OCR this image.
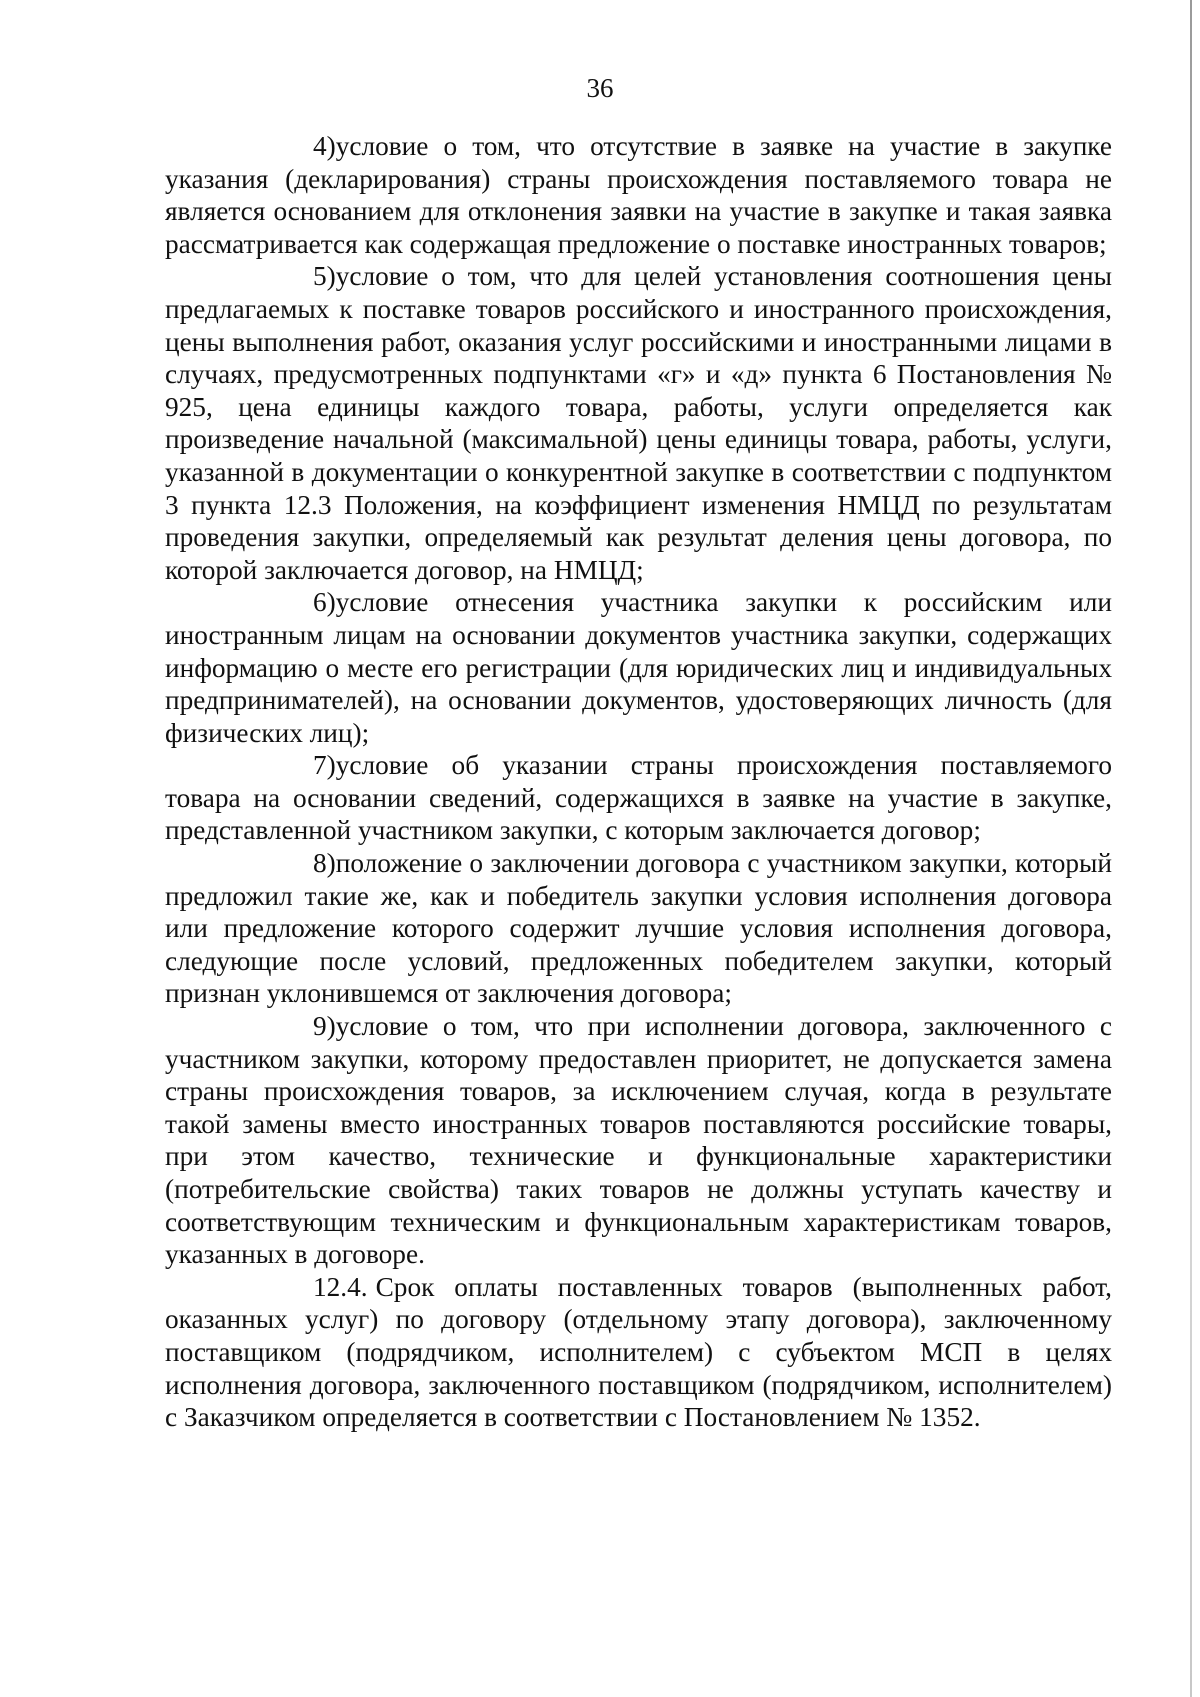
36

4)условие о том, что отсутствие в заявке на участие в закупке указания (декларирования) страны происхождения поставляемого товара не является основанием для отклонения заявки на участие в закупке и такая заявка рассматривается как содержащая предложение о поставке иностранных товаров;

5)условие о том, что для целей установления соотношения цены предлагаемых к поставке товаров российского и иностранного происхождения, цены выполнения работ, оказания услуг российскими и иностранными лицами в случаях, предусмотренных подпунктами «г» и «д» пункта 6 Постановления № 925, цена единицы каждого товара, работы, услуги определяется как произведение начальной (максимальной) цены единицы товара, работы, услуги, указанной в документации о конкурентной закупке в соответствии с подпунктом 3 пункта 12.3 Положения, на коэффициент изменения НМЦД по результатам проведения закупки, определяемый как результат деления цены договора, по которой заключается договор, на НМЦД;

6)условие отнесения участника закупки к российским или иностранным лицам на основании документов участника закупки, содержащих информацию о месте его регистрации (для юридических лиц и индивидуальных предпринимателей), на основании документов, удостоверяющих личность (для физических лиц);

7)условие об указании страны происхождения поставляемого товара на основании сведений, содержащихся в заявке на участие в закупке, представленной участником закупки, с которым заключается договор;

8)положение о заключении договора с участником закупки, который предложил такие же, как и победитель закупки условия исполнения договора или предложение которого содержит лучшие условия исполнения договора, следующие после условий, предложенных победителем закупки, который признан уклонившемся от заключения договора;

9)условие о том, что при исполнении договора, заключенного с участником закупки, которому предоставлен приоритет, не допускается замена страны происхождения товаров, за исключением случая, когда в результате такой замены вместо иностранных товаров поставляются российские товары, при этом качество, технические и функциональные характеристики (потребительские свойства) таких товаров не должны уступать качеству и соответствующим техническим и функциональным характеристикам товаров, указанных в договоре.

12.4. Срок оплаты поставленных товаров (выполненных работ, оказанных услуг) по договору (отдельному этапу договора), заключенному поставщиком (подрядчиком, исполнителем) с субъектом МСП в целях исполнения договора, заключенного поставщиком (подрядчиком, исполнителем) с Заказчиком определяется в соответствии с Постановлением № 1352.
